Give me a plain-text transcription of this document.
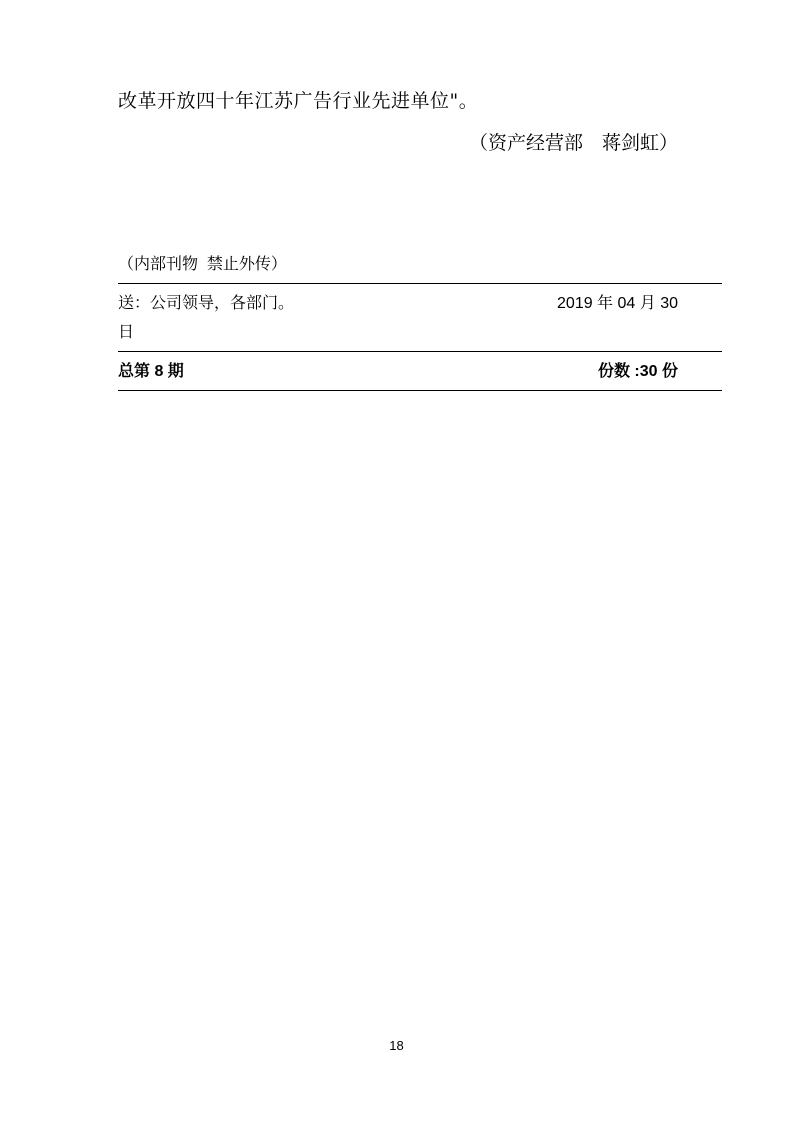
改革开放四十年江苏广告行业先进单位"。
（资产经营部　蒋剑虹）
（内部刊物  禁止外传）
送：公司领导，各部门。	2019 年 04 月 30
日
总第 8 期	份数 :30 份
18
